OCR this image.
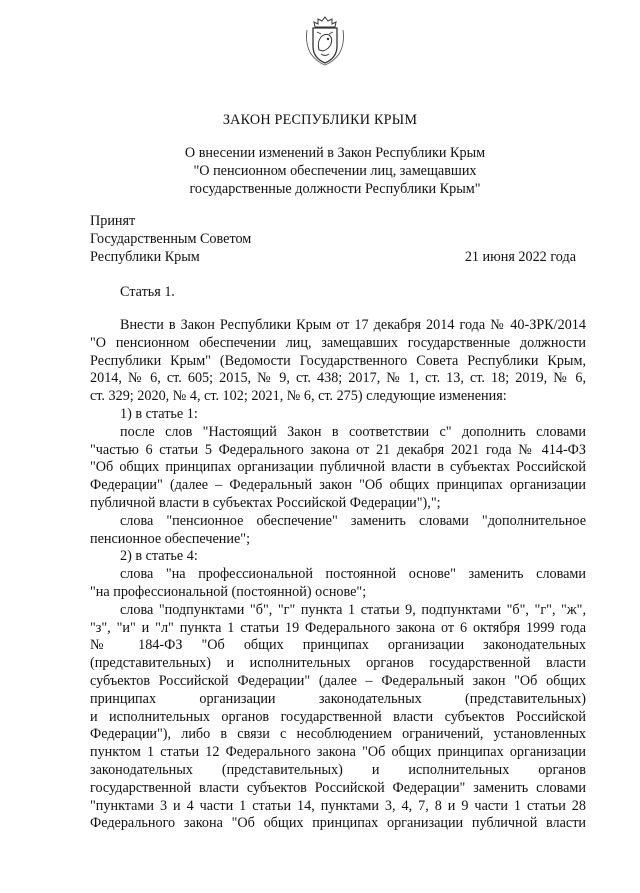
ЗАКОН РЕСПУБЛИКИ КРЫМ
О внесении изменений в Закон Республики Крым
"О пенсионном обеспечении лиц, замещавших
государственные должности Республики Крым"
Принят
Государственным Советом
Республики Крым	21 июня 2022 года
Статья 1
Внести в Закон Республики Крым от 17 декабря 2014 года № 40-ЗРК/2014
"О пенсионном обеспечении лиц, замещавших государственные должности
Республики Крым" (Ведомости Государственного Совета Республики Крым,
2014, № 6, ст. 605; 2015, № 9, ст. 438; 2017, № 1, ст. 13, ст. 18; 2019, № 6,
ст. 329; 2020, № 4, ст. 102; 2021, № 6, ст. 275) следующие изменения:
1) в статье 1:
после слов "Настоящий Закон в соответствии с" дополнить словами
"частью 6 статьи 5 Федерального закона от 21 декабря 2021 года № 414-ФЗ
"Об общих принципах организации публичной власти в субъектах Российской
Федерации" (далее – Федеральный закон "Об общих принципах организации
публичной власти в субъектах Российской Федерации"),";
слова "пенсионное обеспечение" заменить словами "дополнительное
пенсионное обеспечение";
2) в статье 4:
слова "на профессиональной постоянной основе" заменить словами
"на профессиональной (постоянной) основе";
слова "подпунктами "б", "г" пункта 1 статьи 9, подпунктами "б", "г", "ж",
"з", "и" и "л" пункта 1 статьи 19 Федерального закона от 6 октября 1999 года
№ 184-ФЗ "Об общих принципах организации законодательных
(представительных) и исполнительных органов государственной власти
субъектов Российской Федерации" (далее – Федеральный закон "Об общих
принципах организации законодательных (представительных)
и исполнительных органов государственной власти субъектов Российской
Федерации"), либо в связи с несоблюдением ограничений, установленных
пунктом 1 статьи 12 Федерального закона "Об общих принципах организации
законодательных (представительных) и исполнительных органов
государственной власти субъектов Российской Федерации" заменить словами
"пунктами 3 и 4 части 1 статьи 14, пунктами 3, 4, 7, 8 и 9 части 1 статьи 28
Федерального закона "Об общих принципах организации публичной власти
